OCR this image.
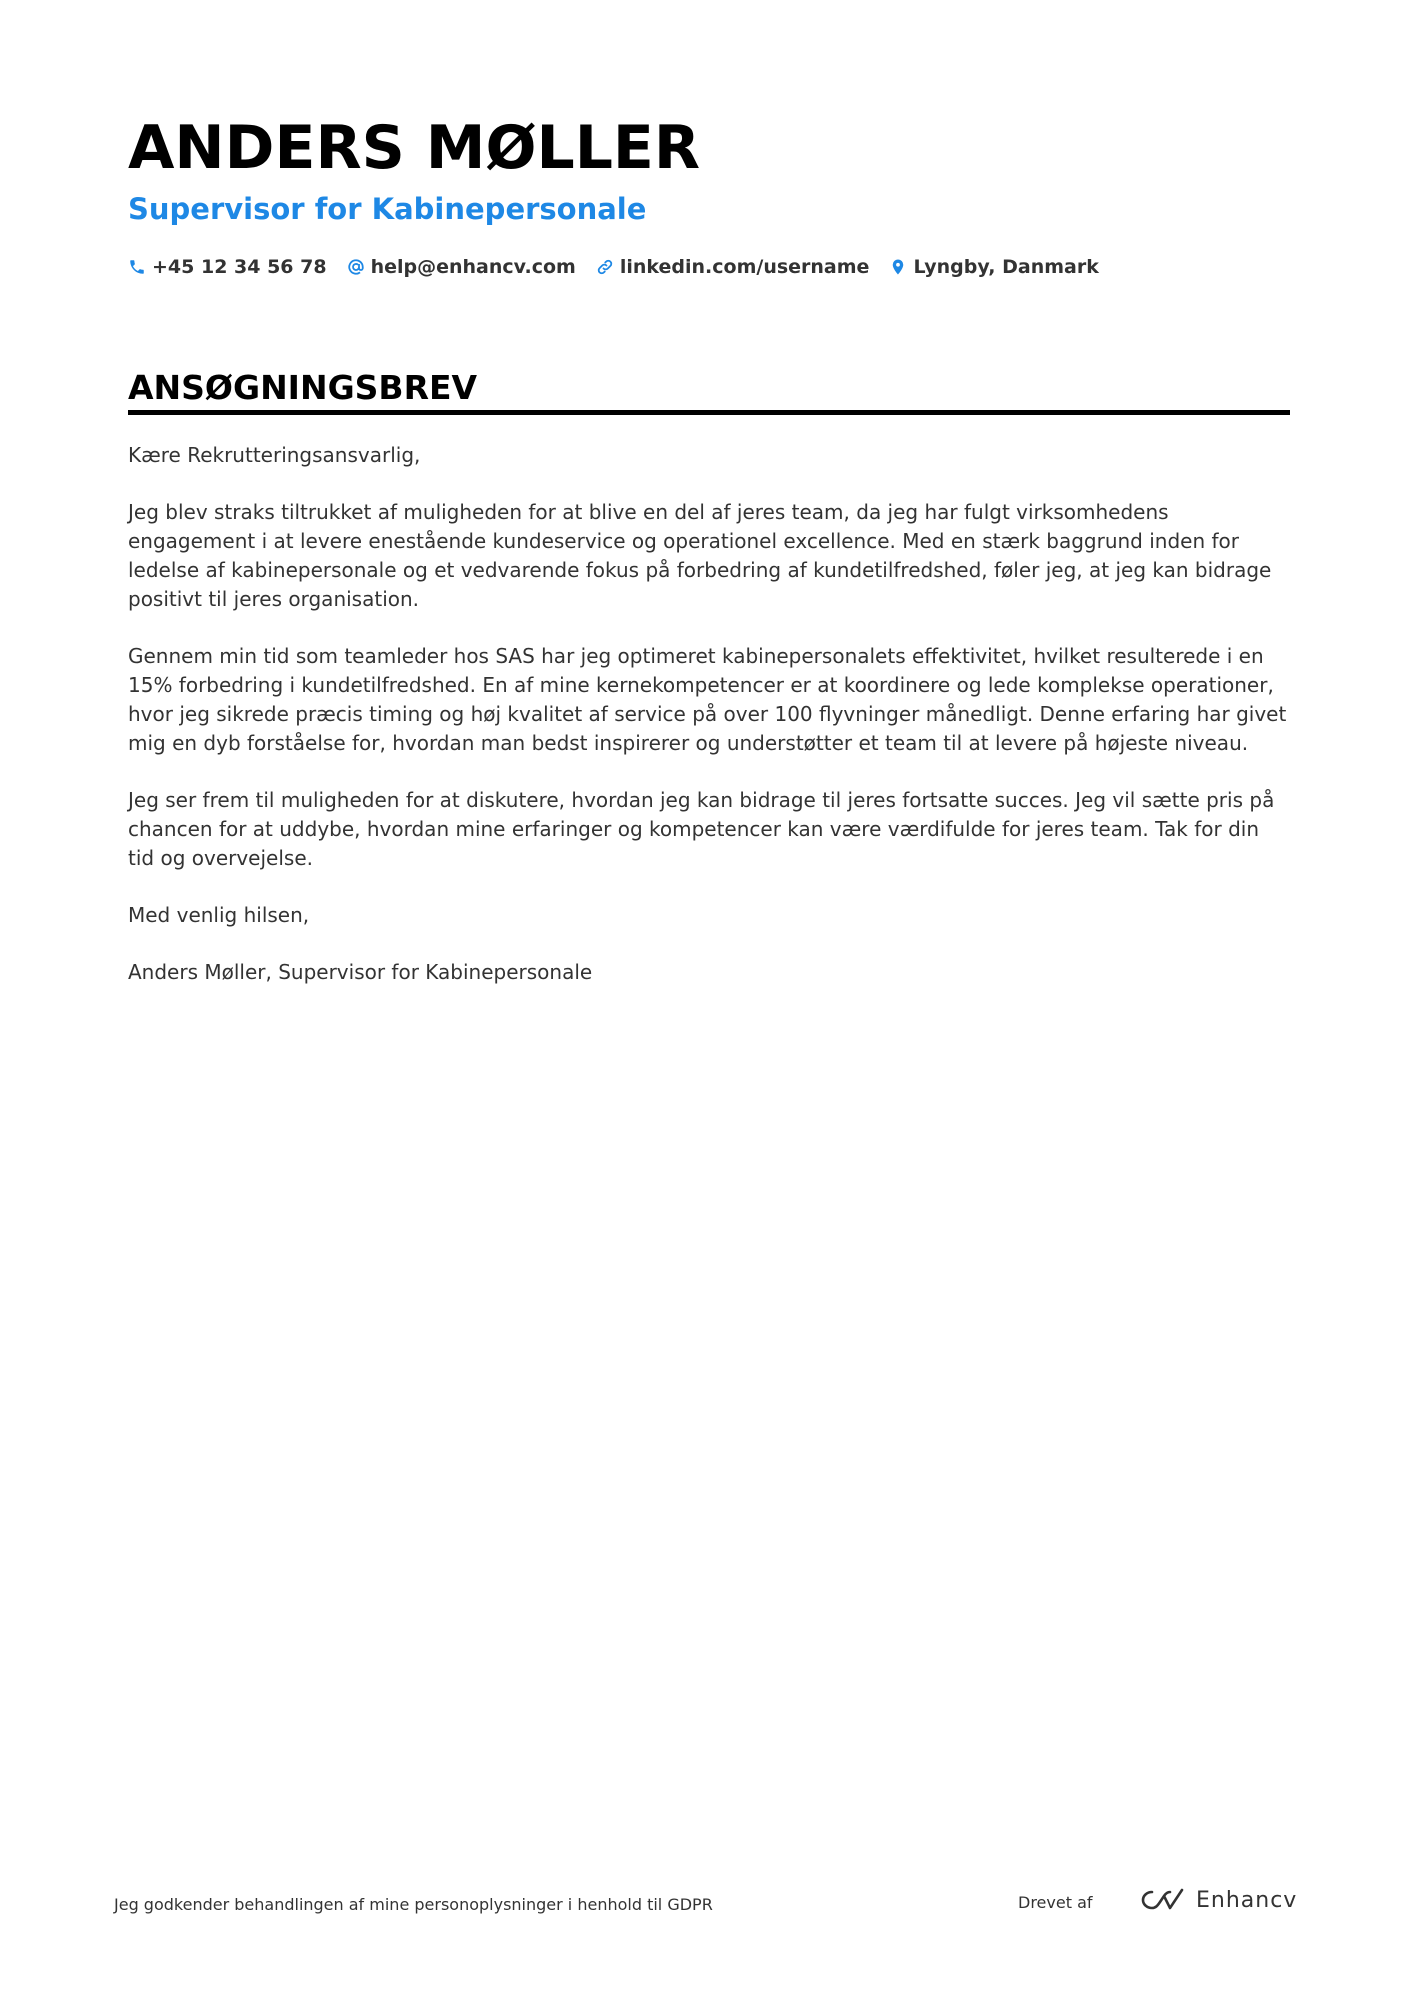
ANDERS MØLLER
Supervisor for Kabinepersonale
+45 12 34 56 78 help@enhancv.com linkedin.com/username Lyngby, Danmark
ANSØGNINGSBREV

Kære Rekrutteringsansvarlig,

Jeg blev straks tiltrukket af muligheden for at blive en del af jeres team, da jeg har fulgt virksomhedens engagement i at levere enestående kundeservice og operationel excellence. Med en stærk baggrund inden for ledelse af kabinepersonale og et vedvarende fokus på forbedring af kundetilfredshed, føler jeg, at jeg kan bidrage positivt til jeres organisation.

Gennem min tid som teamleder hos SAS har jeg optimeret kabinepersonalets effektivitet, hvilket resulterede i en 15% forbedring i kundetilfredshed. En af mine kernekompetencer er at koordinere og lede komplekse operationer, hvor jeg sikrede præcis timing og høj kvalitet af service på over 100 flyvninger månedligt. Denne erfaring har givet mig en dyb forståelse for, hvordan man bedst inspirerer og understøtter et team til at levere på højeste niveau.

Jeg ser frem til muligheden for at diskutere, hvordan jeg kan bidrage til jeres fortsatte succes. Jeg vil sætte pris på chancen for at uddybe, hvordan mine erfaringer og kompetencer kan være værdifulde for jeres team. Tak for din tid og overvejelse.

Med venlig hilsen,

Anders Møller, Supervisor for Kabinepersonale

Jeg godkender behandlingen af mine personoplysninger i henhold til GDPR	Drevet af	Enhancv
